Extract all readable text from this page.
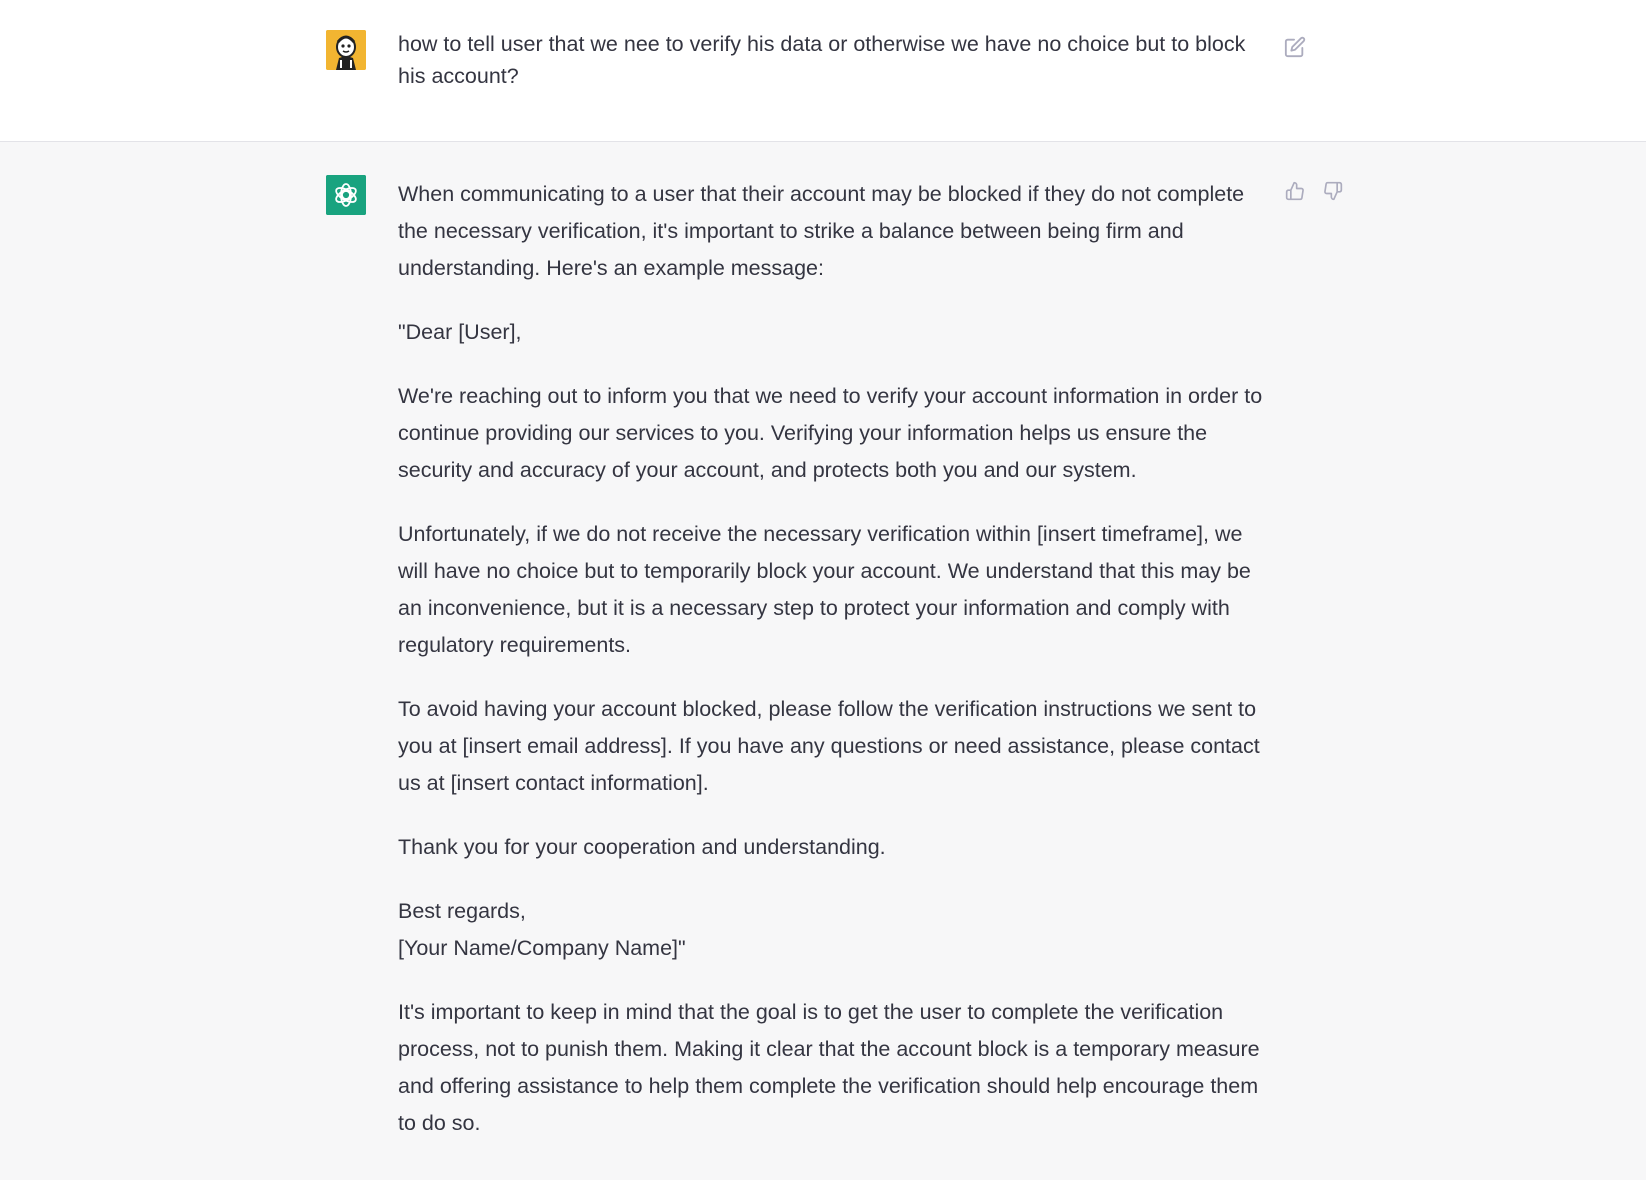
how to tell user that we nee to verify his data or otherwise we have no choice but to block his account?

When communicating to a user that their account may be blocked if they do not complete the necessary verification, it's important to strike a balance between being firm and understanding. Here's an example message:

"Dear [User],

We're reaching out to inform you that we need to verify your account information in order to continue providing our services to you. Verifying your information helps us ensure the security and accuracy of your account, and protects both you and our system.

Unfortunately, if we do not receive the necessary verification within [insert timeframe], we will have no choice but to temporarily block your account. We understand that this may be an inconvenience, but it is a necessary step to protect your information and comply with regulatory requirements.

To avoid having your account blocked, please follow the verification instructions we sent to you at [insert email address]. If you have any questions or need assistance, please contact us at [insert contact information].

Thank you for your cooperation and understanding.

Best regards,
[Your Name/Company Name]"

It's important to keep in mind that the goal is to get the user to complete the verification process, not to punish them. Making it clear that the account block is a temporary measure and offering assistance to help them complete the verification should help encourage them to do so.
